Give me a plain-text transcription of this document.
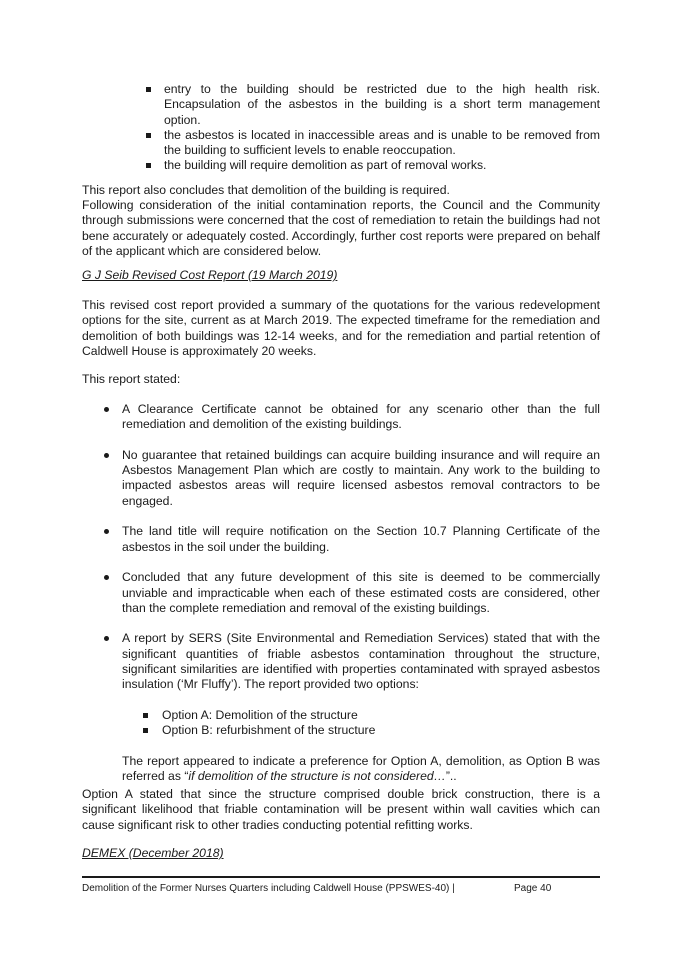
entry to the building should be restricted due to the high health risk. Encapsulation of the asbestos in the building is a short term management option.
the asbestos is located in inaccessible areas and is unable to be removed from the building to sufficient levels to enable reoccupation.
the building will require demolition as part of removal works.

This report also concludes that demolition of the building is required.

Following consideration of the initial contamination reports, the Council and the Community through submissions were concerned that the cost of remediation to retain the buildings had not bene accurately or adequately costed. Accordingly, further cost reports were prepared on behalf of the applicant which are considered below.

G J Seib Revised Cost Report (19 March 2019)

This revised cost report provided a summary of the quotations for the various redevelopment options for the site, current as at March 2019. The expected timeframe for the remediation and demolition of both buildings was 12-14 weeks, and for the remediation and partial retention of Caldwell House is approximately 20 weeks.

This report stated:

A Clearance Certificate cannot be obtained for any scenario other than the full remediation and demolition of the existing buildings.
No guarantee that retained buildings can acquire building insurance and will require an Asbestos Management Plan which are costly to maintain. Any work to the building to impacted asbestos areas will require licensed asbestos removal contractors to be engaged.
The land title will require notification on the Section 10.7 Planning Certificate of the asbestos in the soil under the building.
Concluded that any future development of this site is deemed to be commercially unviable and impracticable when each of these estimated costs are considered, other than the complete remediation and removal of the existing buildings.
A report by SERS (Site Environmental and Remediation Services) stated that with the significant quantities of friable asbestos contamination throughout the structure, significant similarities are identified with properties contaminated with sprayed asbestos insulation (‘Mr Fluffy’). The report provided two options:
Option A: Demolition of the structure
Option B: refurbishment of the structure

The report appeared to indicate a preference for Option A, demolition, as Option B was referred as “if demolition of the structure is not considered…”..

Option A stated that since the structure comprised double brick construction, there is a significant likelihood that friable contamination will be present within wall cavities which can cause significant risk to other tradies conducting potential refitting works.

DEMEX (December 2018)

Demolition of the Former Nurses Quarters including Caldwell House (PPSWES-40) |	Page 40
